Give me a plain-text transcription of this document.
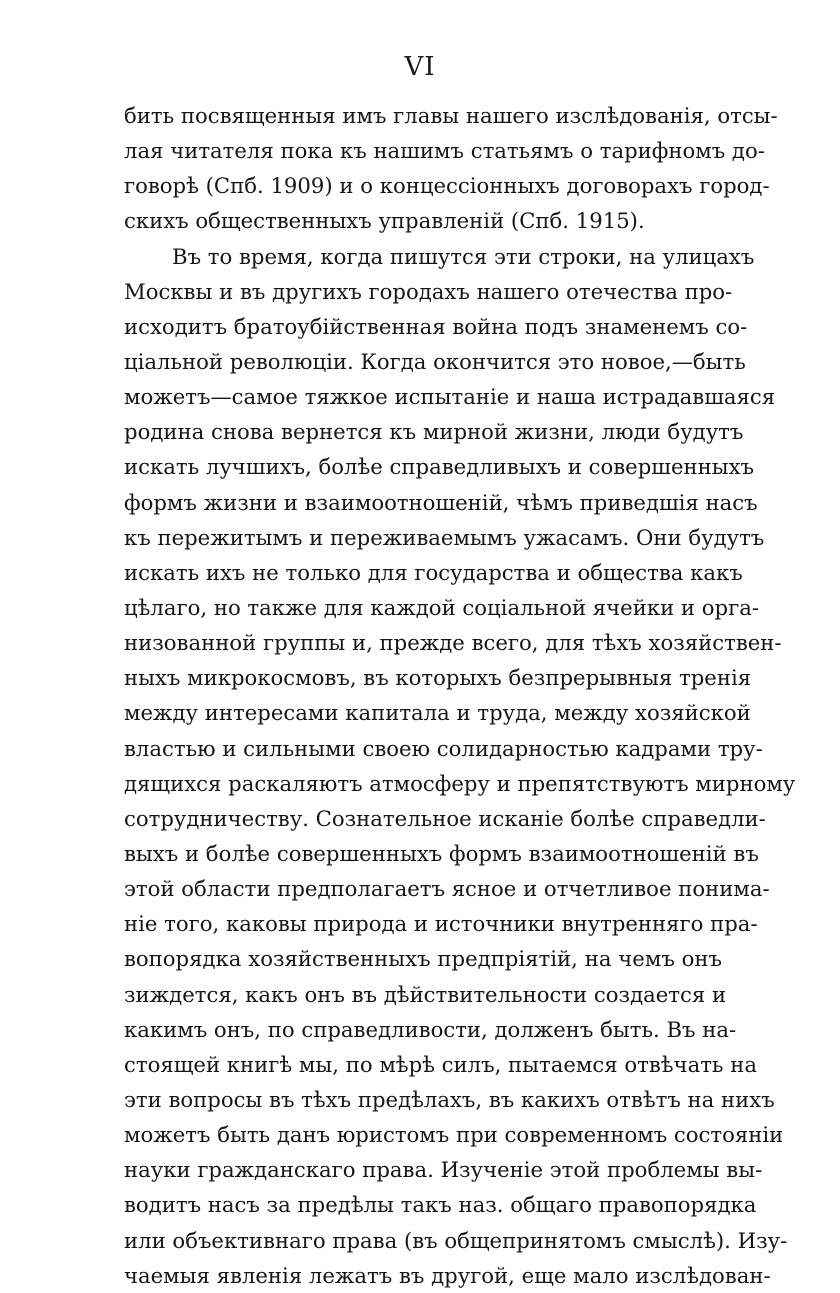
VI
бить посвященныя имъ главы нашего изслѣдованія, отсы-
лая читателя пока къ нашимъ статьямъ о тарифномъ до-
говорѣ (Спб. 1909) и о концессіонныхъ договорахъ город-
скихъ общественныхъ управленій (Спб. 1915).
Въ то время, когда пишутся эти строки, на улицахъ
Москвы и въ другихъ городахъ нашего отечества про-
исходитъ братоубійственная война подъ знаменемъ со-
ціальной революціи. Когда окончится это новое,—быть
можетъ—самое тяжкое испытаніе и наша истрадавшаяся
родина снова вернется къ мирной жизни, люди будутъ
искать лучшихъ, болѣе справедливыхъ и совершенныхъ
формъ жизни и взаимоотношеній, чѣмъ приведшія насъ
къ пережитымъ и переживаемымъ ужасамъ. Они будутъ
искать ихъ не только для государства и общества какъ
цѣлаго, но также для каждой соціальной ячейки и орга-
низованной группы и, прежде всего, для тѣхъ хозяйствен-
ныхъ микрокосмовъ, въ которыхъ безпрерывныя тренія
между интересами капитала и труда, между хозяйской
властью и сильными своею солидарностью кадрами тру-
дящихся раскаляютъ атмосферу и препятствуютъ мирному
сотрудничеству. Сознательное исканіе болѣе справедли-
выхъ и болѣе совершенныхъ формъ взаимоотношеній въ
этой области предполагаетъ ясное и отчетливое понима-
ніе того, каковы природа и источники внутренняго пра-
вопорядка хозяйственныхъ предпріятій, на чемъ онъ
зиждется, какъ онъ въ дѣйствительности создается и
какимъ онъ, по справедливости, долженъ быть. Въ на-
стоящей книгѣ мы, по мѣрѣ силъ, пытаемся отвѣчать на
эти вопросы въ тѣхъ предѣлахъ, въ какихъ отвѣтъ на нихъ
можетъ быть данъ юристомъ при современномъ состояніи
науки гражданскаго права. Изученіе этой проблемы вы-
водитъ насъ за предѣлы такъ наз. общаго правопорядка
или объективнаго права (въ общепринятомъ смыслѣ). Изу-
чаемыя явленія лежатъ въ другой, еще мало изслѣдован-
